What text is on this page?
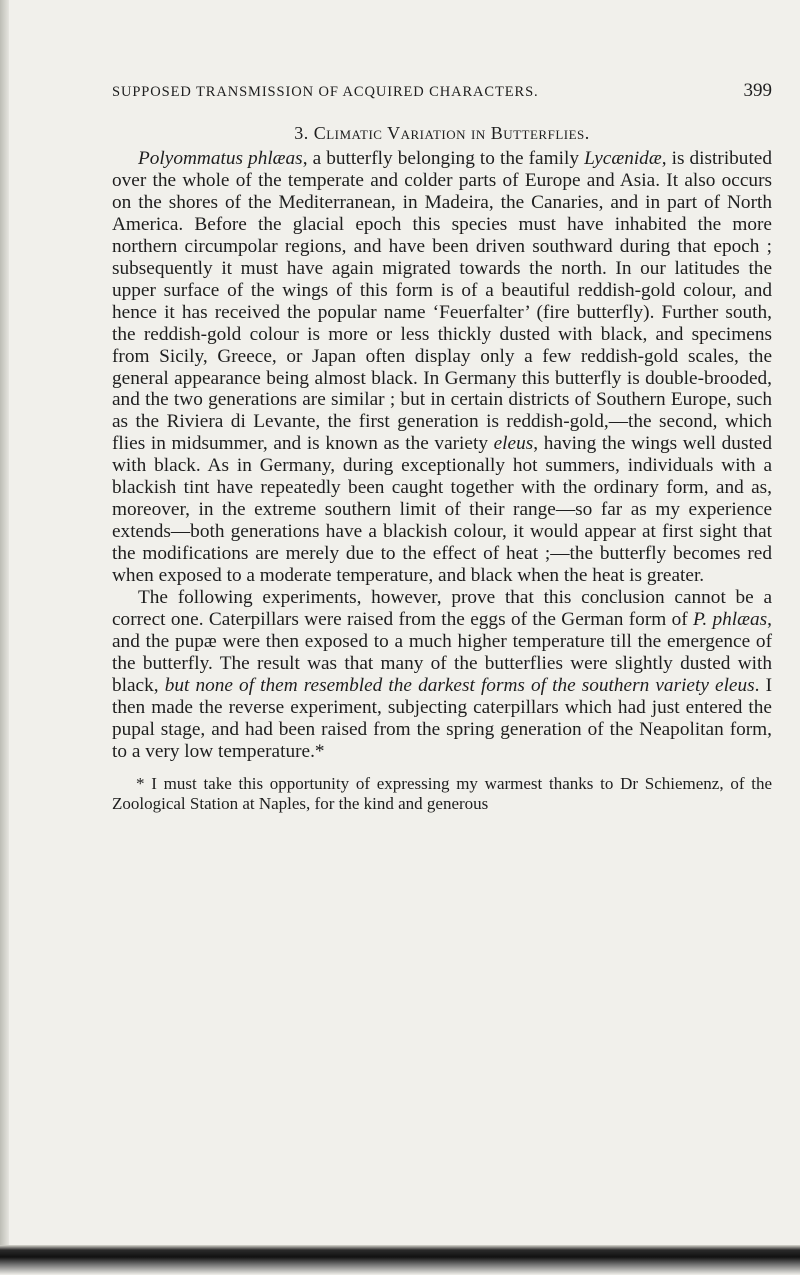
SUPPOSED TRANSMISSION OF ACQUIRED CHARACTERS.	399
3. Climatic Variation in Butterflies.

Polyommatus phlæas, a butterfly belonging to the family Lycænidæ, is distributed over the whole of the temperate and colder parts of Europe and Asia. It also occurs on the shores of the Mediterranean, in Madeira, the Canaries, and in part of North America. Before the glacial epoch this species must have inhabited the more northern circumpolar regions, and have been driven southward during that epoch ; subsequently it must have again migrated towards the north. In our latitudes the upper surface of the wings of this form is of a beautiful reddish-gold colour, and hence it has received the popular name ‘Feuerfalter’ (fire butterfly). Further south, the reddish-gold colour is more or less thickly dusted with black, and specimens from Sicily, Greece, or Japan often display only a few reddish-gold scales, the general appearance being almost black. In Germany this butterfly is double-brooded, and the two generations are similar ; but in certain districts of Southern Europe, such as the Riviera di Levante, the first generation is reddish-gold,—the second, which flies in midsummer, and is known as the variety eleus, having the wings well dusted with black. As in Germany, during exceptionally hot summers, individuals with a blackish tint have repeatedly been caught together with the ordinary form, and as, moreover, in the extreme southern limit of their range—so far as my experience extends—both generations have a blackish colour, it would appear at first sight that the modifications are merely due to the effect of heat ;—the butterfly becomes red when exposed to a moderate temperature, and black when the heat is greater.

The following experiments, however, prove that this conclusion cannot be a correct one. Caterpillars were raised from the eggs of the German form of P. phlæas, and the pupæ were then exposed to a much higher temperature till the emergence of the butterfly. The result was that many of the butterflies were slightly dusted with black, but none of them resembled the darkest forms of the southern variety eleus. I then made the reverse experiment, subjecting caterpillars which had just entered the pupal stage, and had been raised from the spring generation of the Neapolitan form, to a very low temperature.*

* I must take this opportunity of expressing my warmest thanks to Dr Schiemenz, of the Zoological Station at Naples, for the kind and generous
